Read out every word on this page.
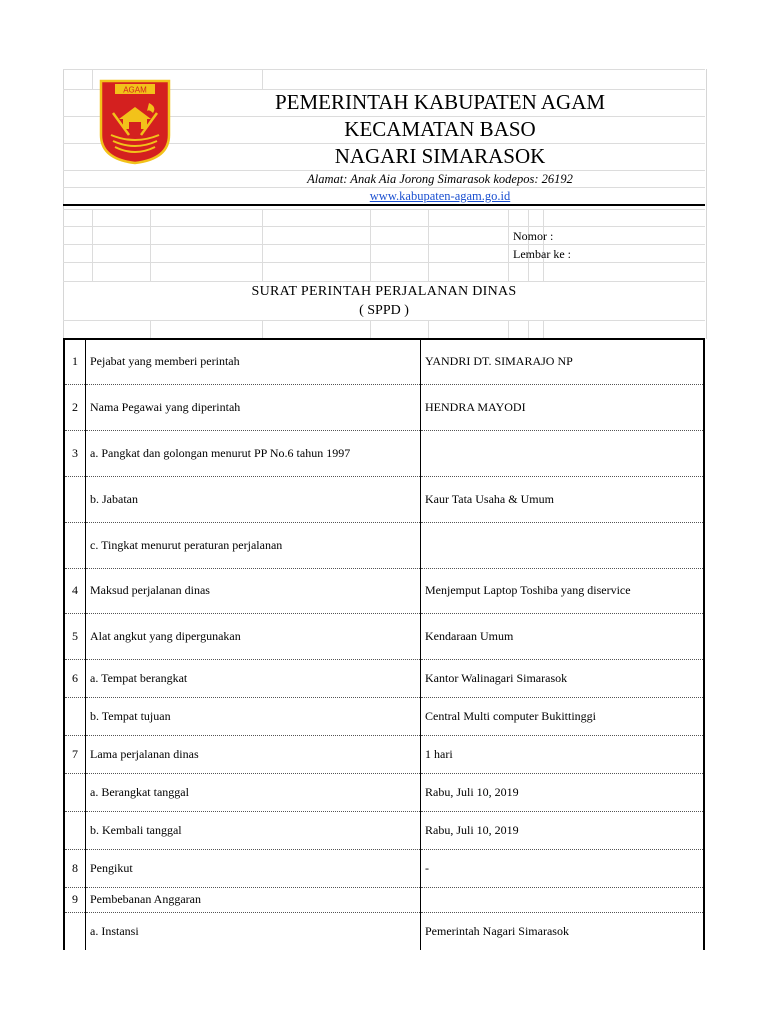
AGAM	PEMERINTAH KABUPATEN AGAM
KECAMATAN BASO
NAGARI SIMARASOK
Alamat: Anak Aia Jorong Simarasok kodepos: 26192
www.kabupaten-agam.go.id
Nomor :
Lembar ke :
SURAT PERINTAH PERJALANAN DINAS
( SPPD )
1	Pejabat yang memberi perintah	YANDRI DT. SIMARAJO NP
2	Nama Pegawai yang diperintah	HENDRA MAYODI
3	a. Pangkat dan golongan menurut PP No.6 tahun 1997	
	b. Jabatan	Kaur Tata Usaha & Umum
	c. Tingkat menurut peraturan perjalanan	
4	Maksud perjalanan dinas	Menjemput Laptop Toshiba yang diservice
5	Alat angkut yang dipergunakan	Kendaraan Umum
6	a. Tempat berangkat	Kantor Walinagari Simarasok
	b. Tempat tujuan	Central Multi computer Bukittinggi
7	Lama perjalanan dinas	1 hari
	a. Berangkat tanggal	Rabu, Juli 10, 2019
	b. Kembali tanggal	Rabu, Juli 10, 2019
8	Pengikut	-
9	Pembebanan Anggaran	
	a. Instansi	Pemerintah Nagari Simarasok
